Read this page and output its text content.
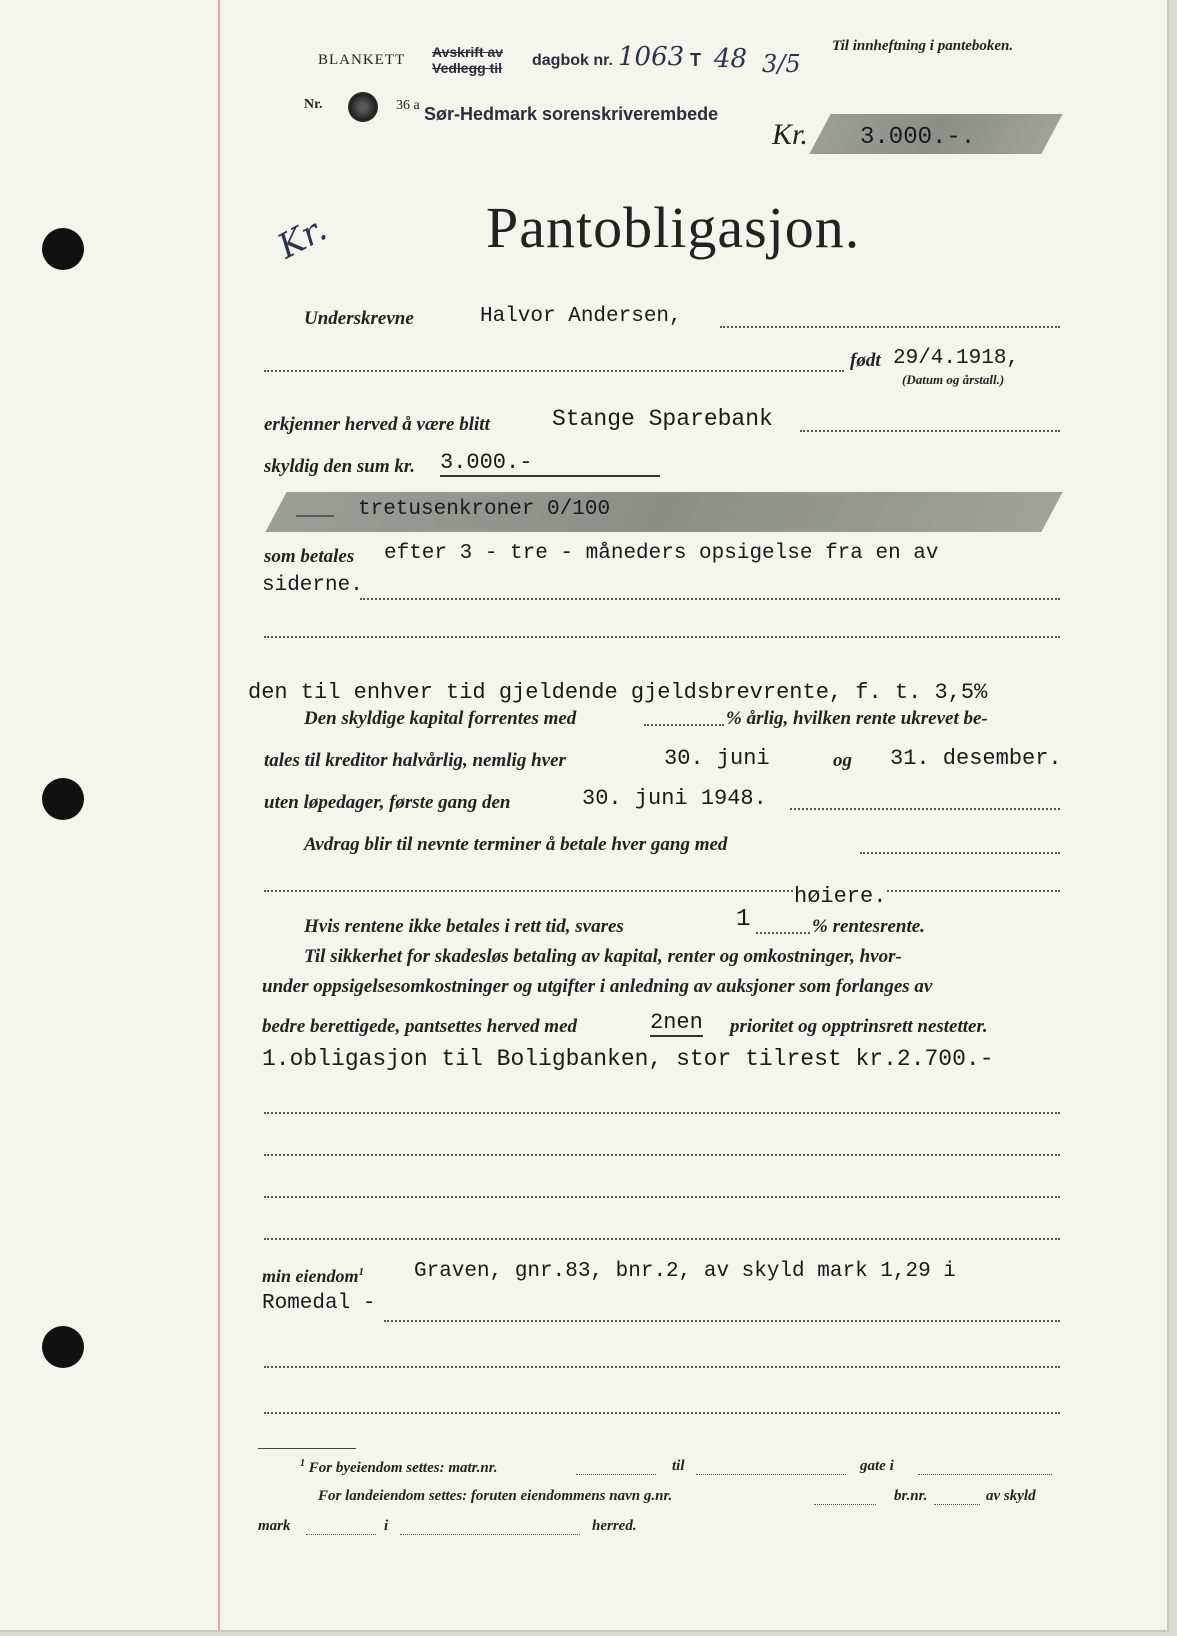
BLANKETT Avskrift av
Vedlegg til dagbok nr. 1063 T 48 3/5
Til innheftning i panteboken.
Nr.	36 a Sør-Hedmark sorenskriverembede
Kr. 3.000.-.
Kr.	Pantobligasjon.
Underskrevne	Halvor Andersen,
født 29/4.1918,
(Datum og årstall.)
erkjenner herved å være blitt	Stange Sparebank
skyldig den sum kr. 3.000.-
___ tretusenkroner 0/100
som betales efter 3 - tre - måneders opsigelse fra en av
siderne.
den til enhver tid gjeldende gjeldsbrevrente, f. t. 3,5%
Den skyldige kapital forrentes med	% årlig, hvilken rente ukrevet be-
tales til kreditor halvårlig, nemlig hver	30. juni	og 31. desember.
uten løpedager, første gang den	30. juni 1948.
Avdrag blir til nevnte terminer å betale hver gang med
høiere.
Hvis rentene ikke betales i rett tid, svares	1	% rentesrente.
Til sikkerhet for skadesløs betaling av kapital, renter og omkostninger, hvor-
under oppsigelsesomkostninger og utgifter i anledning av auksjoner som forlanges av
bedre berettigede, pantsettes herved med	2nen prioritet og opptrinsrett nestetter.
1.obligasjon til Boligbanken, stor tilrest kr.2.700.-
min eiendom$^1$ Graven, gnr.83, bnr.2, av skyld mark 1,29 i
Romedal -
$^1$ For byeiendom settes: matr.nr.	til	gate i
For landeiendom settes: foruten eiendommens navn g.nr.	br.nr.	av skyld
mark	i	herred.
